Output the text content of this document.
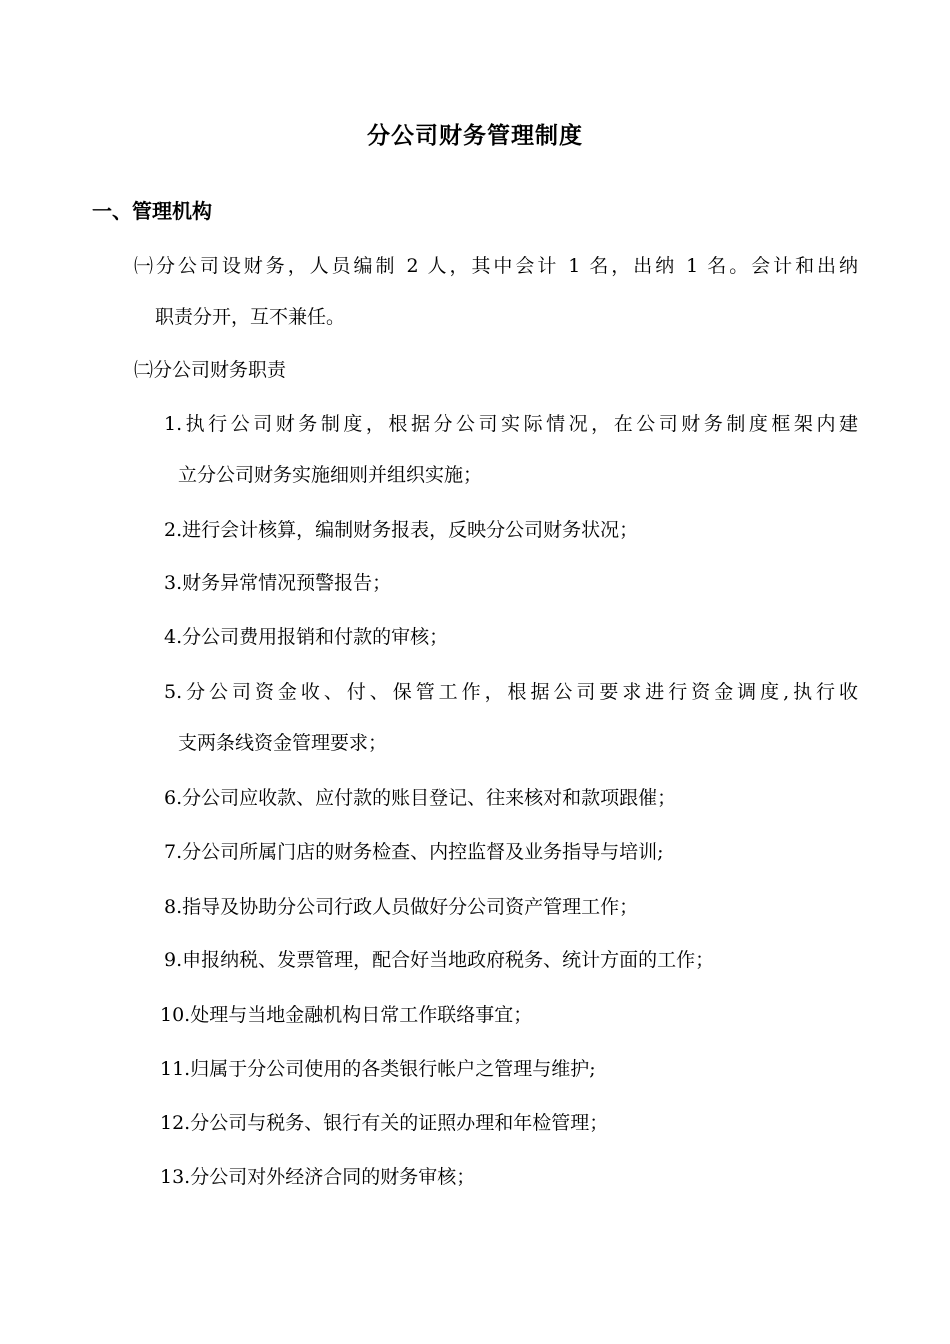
分公司财务管理制度
一、管理机构
㈠分公司设财务，人员编制 2 人，其中会计 1 名，出纳 1 名。会计和出纳
职责分开，互不兼任。
㈡分公司财务职责
1.执行公司财务制度，根据分公司实际情况，在公司财务制度框架内建
立分公司财务实施细则并组织实施；
2.进行会计核算，编制财务报表，反映分公司财务状况；
3.财务异常情况预警报告；
4.分公司费用报销和付款的审核；
5.分公司资金收、付、保管工作，根据公司要求进行资金调度,执行收
支两条线资金管理要求；
6.分公司应收款、应付款的账目登记、往来核对和款项跟催；
7.分公司所属门店的财务检查、内控监督及业务指导与培训;
8.指导及协助分公司行政人员做好分公司资产管理工作；
9.申报纳税、发票管理，配合好当地政府税务、统计方面的工作；
10.处理与当地金融机构日常工作联络事宜；
11.归属于分公司使用的各类银行帐户之管理与维护;
12.分公司与税务、银行有关的证照办理和年检管理；
13.分公司对外经济合同的财务审核；
